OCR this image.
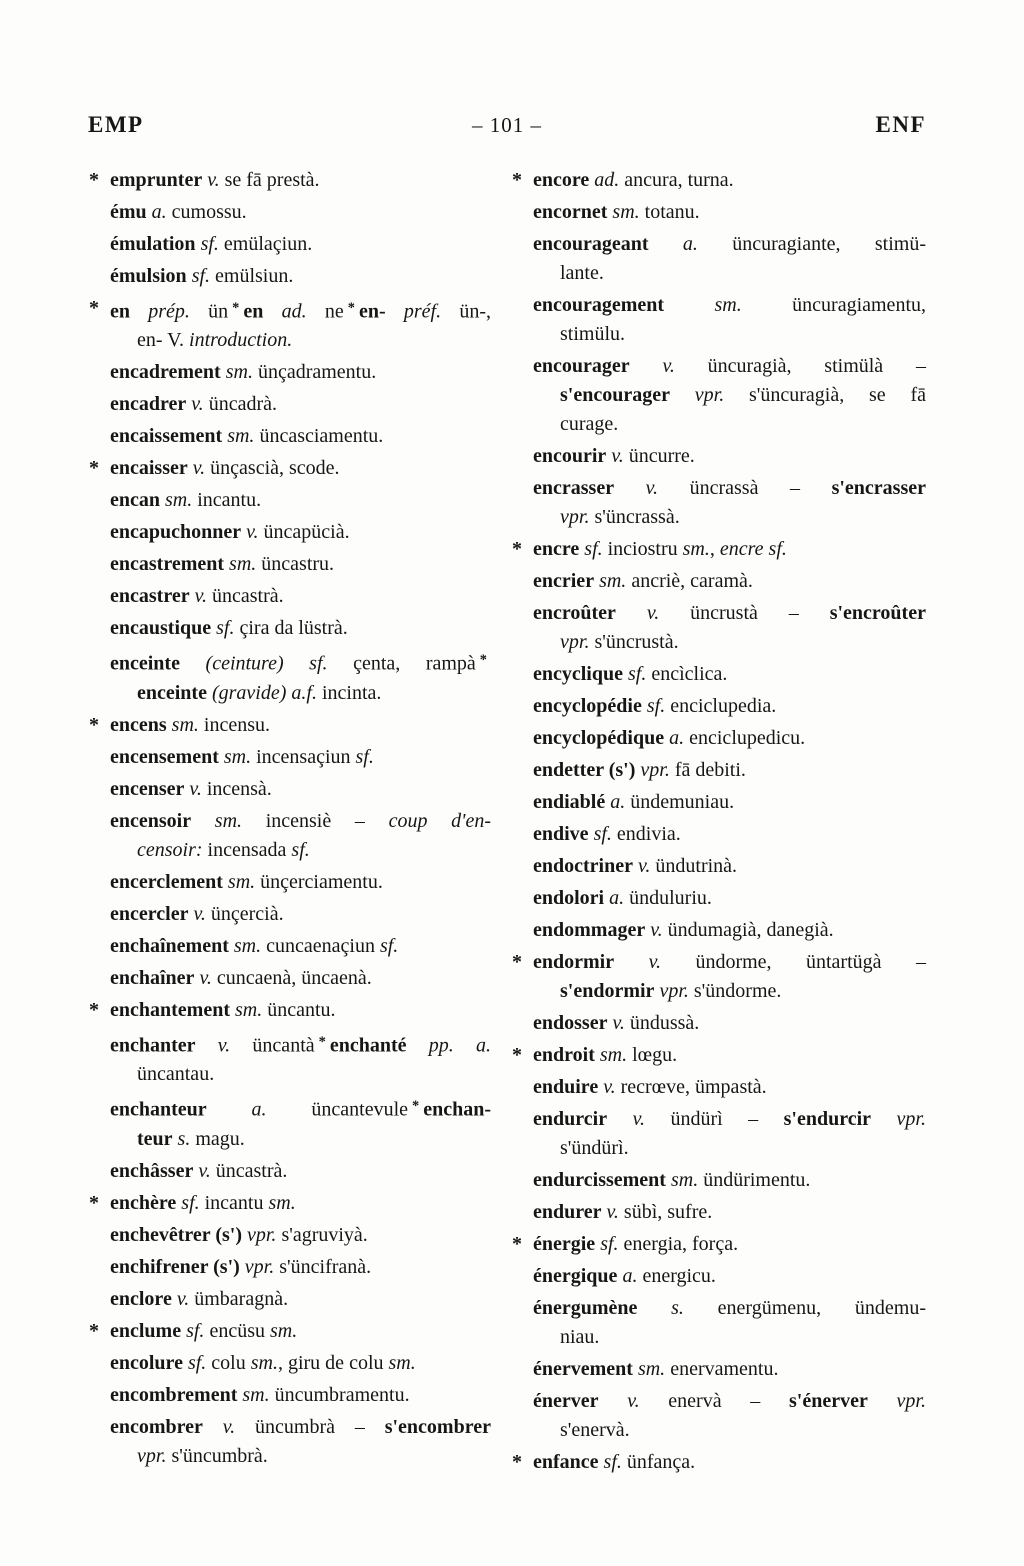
EMP	– 101 –	ENF
* emprunter v. se fā prestà.
ému a. cumossu.
émulation sf. emülaçiun.
émulsion sf. emülsiun.
* en prép. ün * en ad. ne * en- préf. ün-,
en- V. introduction.
encadrement sm. ünçadramentu.
encadrer v. üncadrà.
encaissement sm. üncasciamentu.
* encaisser v. ünçascià, scode.
encan sm. incantu.
encapuchonner v. üncapücià.
encastrement sm. üncastru.
encastrer v. üncastrà.
encaustique sf. çira da lüstrà.
enceinte (ceinture) sf. çenta, rampà *
enceinte (gravide) a.f. incinta.
* encens sm. incensu.
encensement sm. incensaçiun sf.
encenser v. incensà.
encensoir sm. incensiè – coup d'en-
censoir: incensada sf.
encerclement sm. ünçerciamentu.
encercler v. ünçercià.
enchaînement sm. cuncaenaçiun sf.
enchaîner v. cuncaenà, üncaenà.
* enchantement sm. üncantu.
enchanter v. üncantà * enchanté pp. a.
üncantau.
enchanteur a. üncantevule * enchan-
teur s. magu.
enchâsser v. üncastrà.
* enchère sf. incantu sm.
enchevêtrer (s') vpr. s'agruviyà.
enchifrener (s') vpr. s'üncifranà.
enclore v. ümbaragnà.
* enclume sf. encüsu sm.
encolure sf. colu sm., giru de colu sm.
encombrement sm. üncumbramentu.
encombrer v. üncumbrà – s'encombrer
vpr. s'üncumbrà.
* encore ad. ancura, turna.
encornet sm. totanu.
encourageant a. üncuragiante, stimü-
lante.
encouragement sm. üncuragiamentu,
stimülu.
encourager v. üncuragià, stimülà –
s'encourager vpr. s'üncuragià, se fā
curage.
encourir v. üncurre.
encrasser v. üncrassà – s'encrasser
vpr. s'üncrassà.
* encre sf. inciostru sm., encre sf.
encrier sm. ancriè, caramà.
encroûter v. üncrustà – s'encroûter
vpr. s'üncrustà.
encyclique sf. encìclica.
encyclopédie sf. enciclupedia.
encyclopédique a. enciclupedicu.
endetter (s') vpr. fā debiti.
endiablé a. ündemuniau.
endive sf. endivia.
endoctriner v. ündutrinà.
endolori a. ünduluriu.
endommager v. ündumagià, danegià.
* endormir v. ündorme, üntartügà –
s'endormir vpr. s'ündorme.
endosser v. ündussà.
* endroit sm. lœgu.
enduire v. recrœve, ümpastà.
endurcir v. ündürì – s'endurcir vpr.
s'ündürì.
endurcissement sm. ündürimentu.
endurer v. sübì, sufre.
* énergie sf. energia, força.
énergique a. energicu.
énergumène s. energümenu, ündemu-
niau.
énervement sm. enervamentu.
énerver v. enervà – s'énerver vpr.
s'enervà.
* enfance sf. ünfança.
